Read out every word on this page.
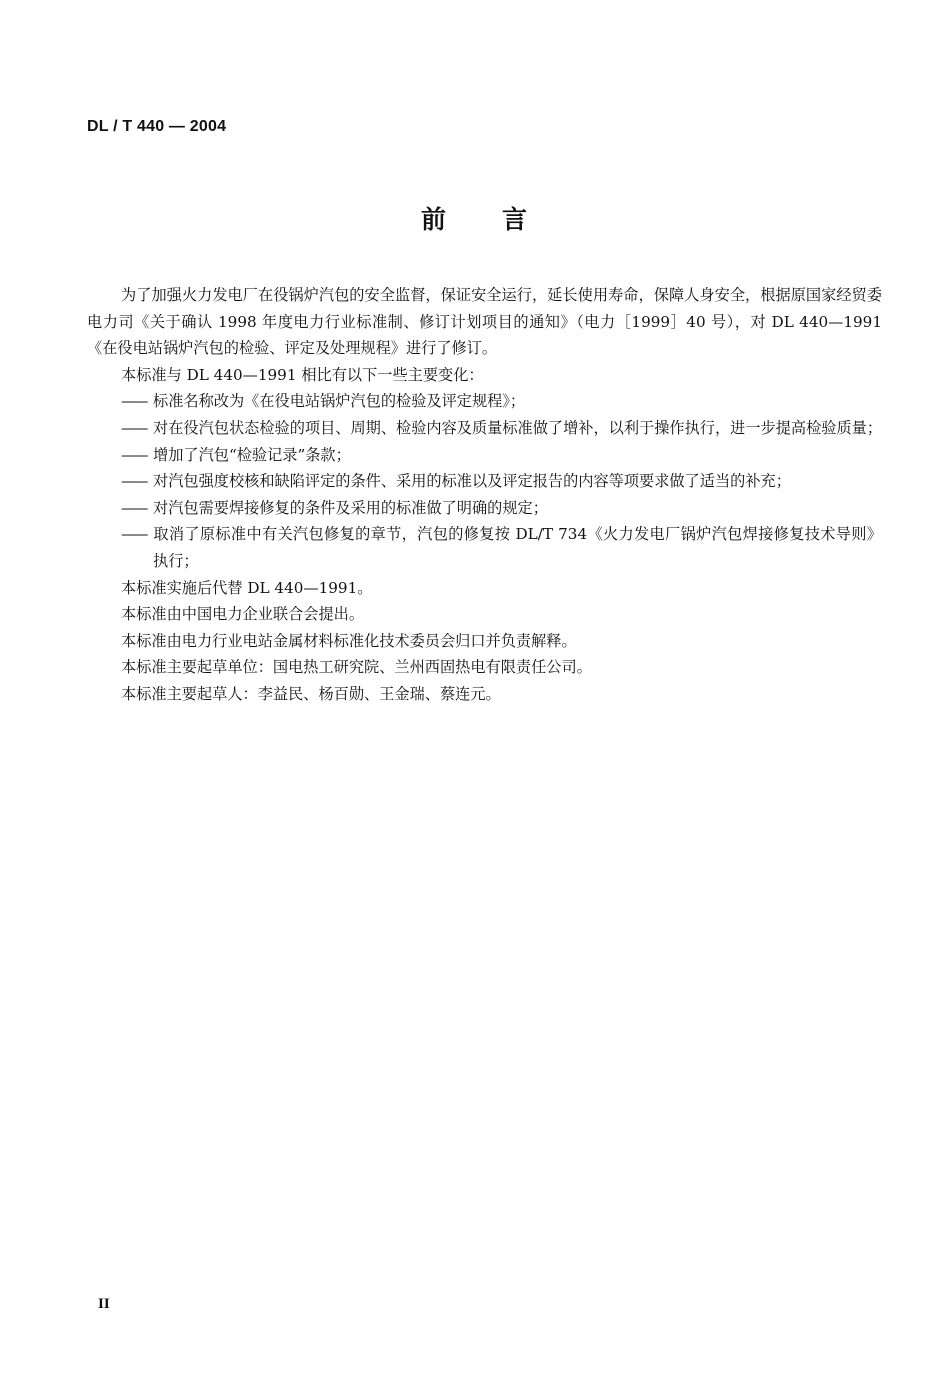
DL / T 440 — 2004
前 言

为了加强火力发电厂在役锅炉汽包的安全监督，保证安全运行，延长使用寿命，保障人身安全，根据原国家经贸委电力司《关于确认 1998 年度电力行业标准制、修订计划项目的通知》（电力［1999］40 号），对 DL 440—1991《在役电站锅炉汽包的检验、评定及处理规程》进行了修订。

本标准与 DL 440—1991 相比有以下一些主要变化：

—— 标准名称改为《在役电站锅炉汽包的检验及评定规程》；

—— 对在役汽包状态检验的项目、周期、检验内容及质量标准做了增补，以利于操作执行，进一步提高检验质量；

—— 增加了汽包“检验记录”条款；

—— 对汽包强度校核和缺陷评定的条件、采用的标准以及评定报告的内容等项要求做了适当的补充；

—— 对汽包需要焊接修复的条件及采用的标准做了明确的规定；

—— 取消了原标准中有关汽包修复的章节，汽包的修复按 DL/T 734《火力发电厂锅炉汽包焊接修复技术导则》执行；

本标准实施后代替 DL 440—1991。

本标准由中国电力企业联合会提出。

本标准由电力行业电站金属材料标准化技术委员会归口并负责解释。

本标准主要起草单位：国电热工研究院、兰州西固热电有限责任公司。

本标准主要起草人：李益民、杨百勋、王金瑞、蔡连元。

II
